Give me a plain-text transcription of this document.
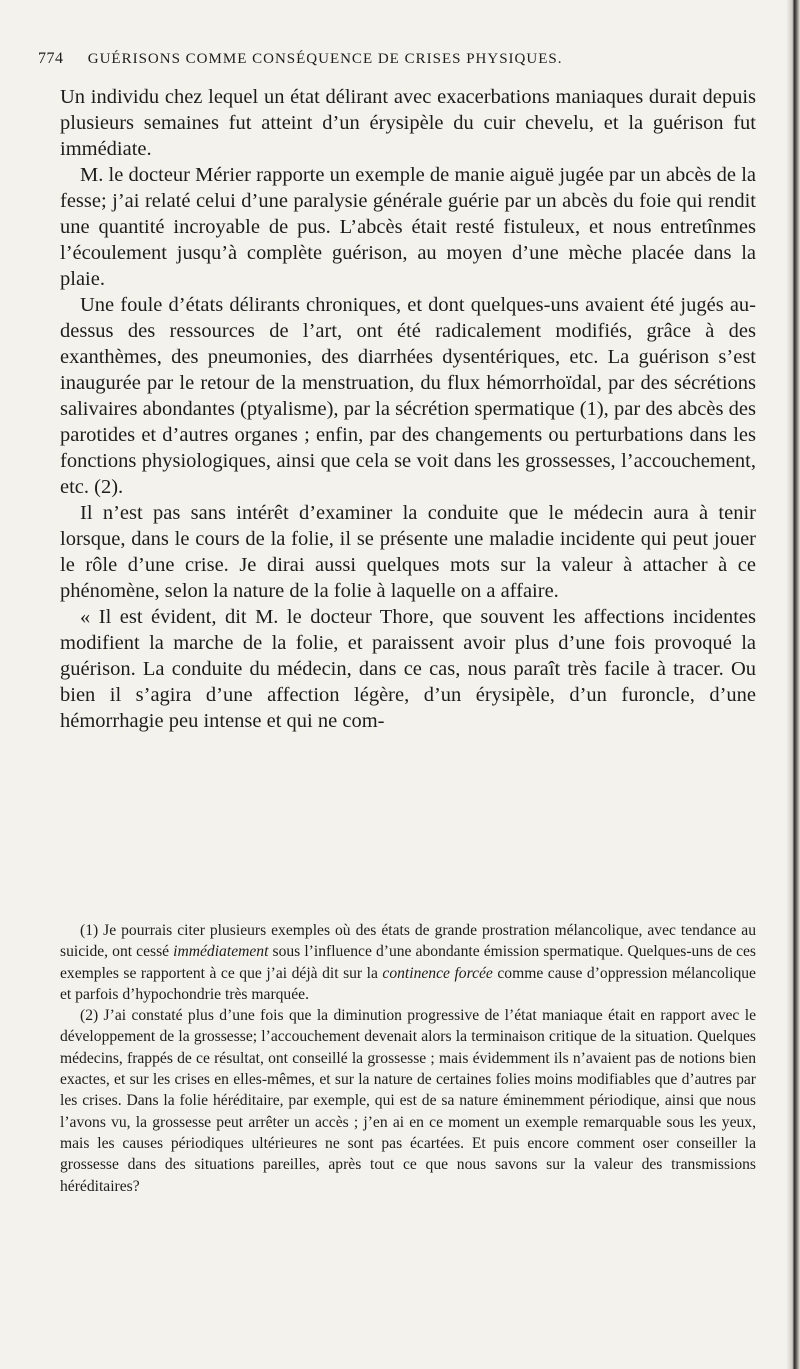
774 GUÉRISONS COMME CONSÉQUENCE DE CRISES PHYSIQUES.

Un individu chez lequel un état délirant avec exacerbations maniaques durait depuis plusieurs semaines fut atteint d’un érysipèle du cuir chevelu, et la guérison fut immédiate.

M. le docteur Mérier rapporte un exemple de manie aiguë jugée par un abcès de la fesse; j’ai relaté celui d’une paralysie générale guérie par un abcès du foie qui rendit une quantité incroyable de pus. L’abcès était resté fistuleux, et nous entretînmes l’écoulement jusqu’à complète guérison, au moyen d’une mèche placée dans la plaie.

Une foule d’états délirants chroniques, et dont quelques-uns avaient été jugés au-dessus des ressources de l’art, ont été radicalement modifiés, grâce à des exanthèmes, des pneumonies, des diarrhées dysentériques, etc. La guérison s’est inaugurée par le retour de la menstruation, du flux hémorrhoïdal, par des sécrétions salivaires abondantes (ptyalisme), par la sécrétion spermatique (1), par des abcès des parotides et d’autres organes ; enfin, par des changements ou perturbations dans les fonctions physiologiques, ainsi que cela se voit dans les grossesses, l’accouchement, etc. (2).

Il n’est pas sans intérêt d’examiner la conduite que le médecin aura à tenir lorsque, dans le cours de la folie, il se présente une maladie incidente qui peut jouer le rôle d’une crise. Je dirai aussi quelques mots sur la valeur à attacher à ce phénomène, selon la nature de la folie à laquelle on a affaire.

« Il est évident, dit M. le docteur Thore, que souvent les affections incidentes modifient la marche de la folie, et paraissent avoir plus d’une fois provoqué la guérison. La conduite du médecin, dans ce cas, nous paraît très facile à tracer. Ou bien il s’agira d’une affection légère, d’un érysipèle, d’un furoncle, d’une hémorrhagie peu intense et qui ne com-

(1) Je pourrais citer plusieurs exemples où des états de grande prostration mélancolique, avec tendance au suicide, ont cessé immédiatement sous l’influence d’une abondante émission spermatique. Quelques-uns de ces exemples se rapportent à ce que j’ai déjà dit sur la continence forcée comme cause d’oppression mélancolique et parfois d’hypochondrie très marquée.

(2) J’ai constaté plus d’une fois que la diminution progressive de l’état maniaque était en rapport avec le développement de la grossesse; l’accouchement devenait alors la terminaison critique de la situation. Quelques médecins, frappés de ce résultat, ont conseillé la grossesse ; mais évidemment ils n’avaient pas de notions bien exactes, et sur les crises en elles-mêmes, et sur la nature de certaines folies moins modifiables que d’autres par les crises. Dans la folie héréditaire, par exemple, qui est de sa nature éminemment périodique, ainsi que nous l’avons vu, la grossesse peut arrêter un accès ; j’en ai en ce moment un exemple remarquable sous les yeux, mais les causes périodiques ultérieures ne sont pas écartées. Et puis encore comment oser conseiller la grossesse dans des situations pareilles, après tout ce que nous savons sur la valeur des transmissions héréditaires?
